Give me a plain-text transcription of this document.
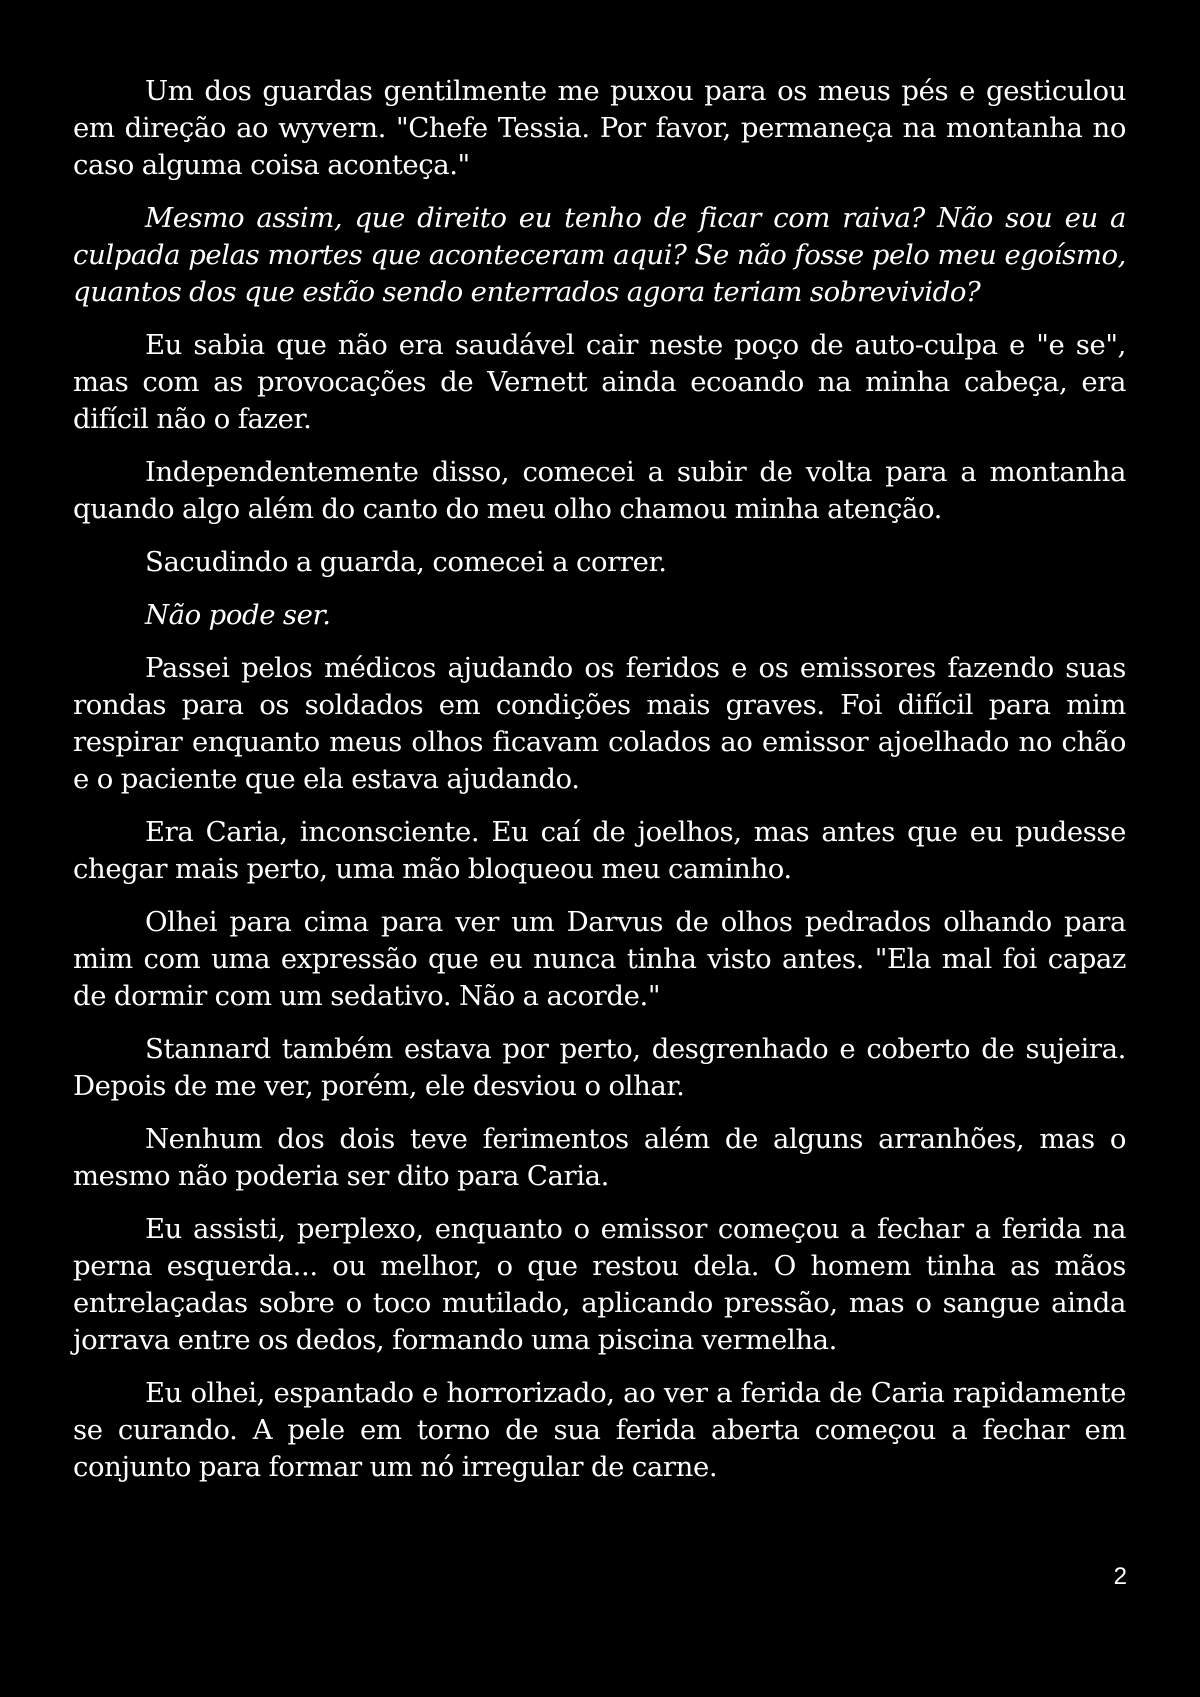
Um dos guardas gentilmente me puxou para os meus pés e gesticulou em direção ao wyvern. "Chefe Tessia. Por favor, permaneça na montanha no caso alguma coisa aconteça."

Mesmo assim, que direito eu tenho de ficar com raiva? Não sou eu a culpada pelas mortes que aconteceram aqui? Se não fosse pelo meu egoísmo, quantos dos que estão sendo enterrados agora teriam sobrevivido?

Eu sabia que não era saudável cair neste poço de auto-culpa e "e se", mas com as provocações de Vernett ainda ecoando na minha cabeça, era difícil não o fazer.

Independentemente disso, comecei a subir de volta para a montanha quando algo além do canto do meu olho chamou minha atenção.

Sacudindo a guarda, comecei a correr.

Não pode ser.

Passei pelos médicos ajudando os feridos e os emissores fazendo suas rondas para os soldados em condições mais graves. Foi difícil para mim respirar enquanto meus olhos ficavam colados ao emissor ajoelhado no chão e o paciente que ela estava ajudando.

Era Caria, inconsciente. Eu caí de joelhos, mas antes que eu pudesse chegar mais perto, uma mão bloqueou meu caminho.

Olhei para cima para ver um Darvus de olhos pedrados olhando para mim com uma expressão que eu nunca tinha visto antes. "Ela mal foi capaz de dormir com um sedativo. Não a acorde."

Stannard também estava por perto, desgrenhado e coberto de sujeira. Depois de me ver, porém, ele desviou o olhar.

Nenhum dos dois teve ferimentos além de alguns arranhões, mas o mesmo não poderia ser dito para Caria.

Eu assisti, perplexo, enquanto o emissor começou a fechar a ferida na perna esquerda... ou melhor, o que restou dela. O homem tinha as mãos entrelaçadas sobre o toco mutilado, aplicando pressão, mas o sangue ainda jorrava entre os dedos, formando uma piscina vermelha.

Eu olhei, espantado e horrorizado, ao ver a ferida de Caria rapidamente se curando. A pele em torno de sua ferida aberta começou a fechar em conjunto para formar um nó irregular de carne.

2
